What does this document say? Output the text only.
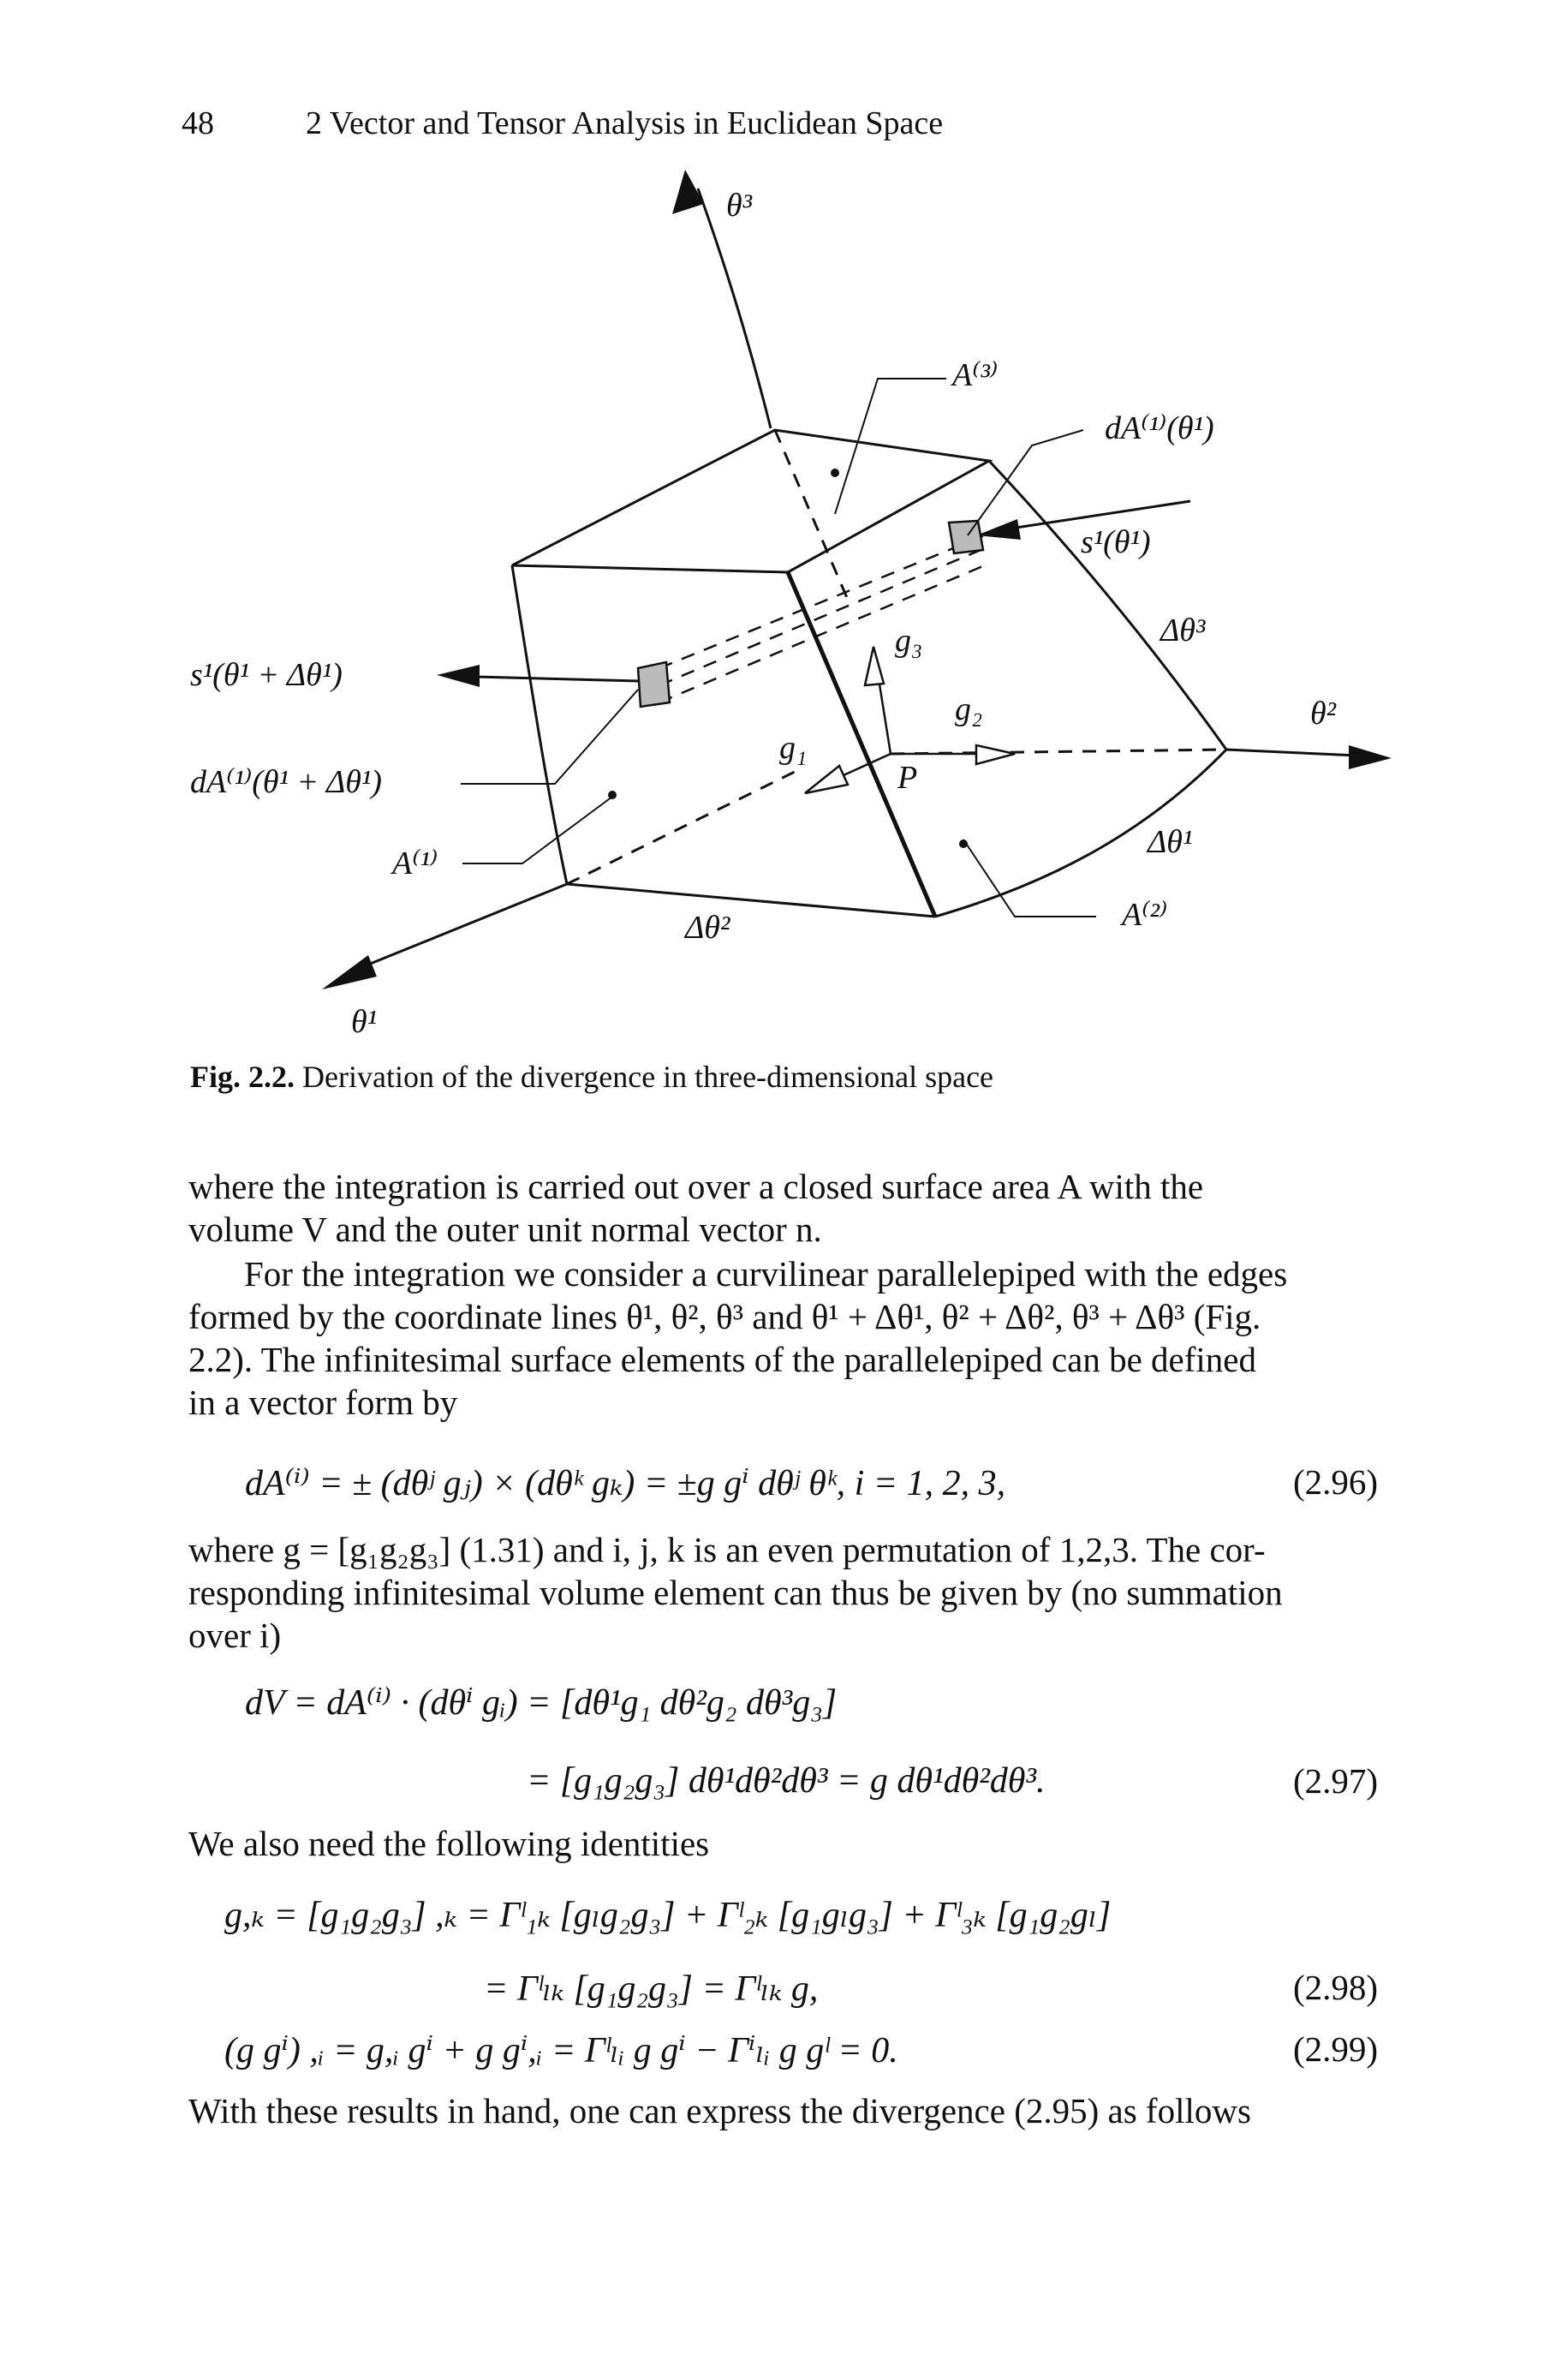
48	2 Vector and Tensor Analysis in Euclidean Space
θ³
A⁽³⁾
dA⁽¹⁾(θ¹)
s¹(θ¹)
Δθ³
θ²
s¹(θ¹ + Δθ¹)
dA⁽¹⁾(θ¹ + Δθ¹)
A⁽¹⁾
g₃
g₂
g₁
P
Δθ¹
A⁽²⁾
Δθ²
θ¹
Fig. 2.2. Derivation of the divergence in three-dimensional space
where the integration is carried out over a closed surface area A with the
volume V and the outer unit normal vector n.
For the integration we consider a curvilinear parallelepiped with the edges
formed by the coordinate lines θ¹, θ², θ³ and θ¹ + Δθ¹, θ² + Δθ², θ³ + Δθ³ (Fig.
2.2). The infinitesimal surface elements of the parallelepiped can be defined
in a vector form by
dA⁽ⁱ⁾ = ± (dθʲ gⱼ) × (dθᵏ gₖ) = ±g gⁱ dθʲ θᵏ, i = 1, 2, 3,	(2.96)
where g = [g₁g₂g₃] (1.31) and i, j, k is an even permutation of 1,2,3. The cor-
responding infinitesimal volume element can thus be given by (no summation
over i)
dV = dA⁽ⁱ⁾ · (dθⁱ gᵢ) = [dθ¹g₁ dθ²g₂ dθ³g₃]
= [g₁g₂g₃] dθ¹dθ²dθ³ = g dθ¹dθ²dθ³.	(2.97)
We also need the following identities
g,ₖ = [g₁g₂g₃] ,ₖ = Γˡ₁ₖ [gₗg₂g₃] + Γˡ₂ₖ [g₁gₗg₃] + Γˡ₃ₖ [g₁g₂gₗ]
= Γˡₗₖ [g₁g₂g₃] = Γˡₗₖ g,	(2.98)
(g gⁱ) ,ᵢ = g,ᵢ gⁱ + g gⁱ,ᵢ = Γˡₗᵢ g gⁱ − Γⁱₗᵢ g gˡ = 0.	(2.99)
With these results in hand, one can express the divergence (2.95) as follows
